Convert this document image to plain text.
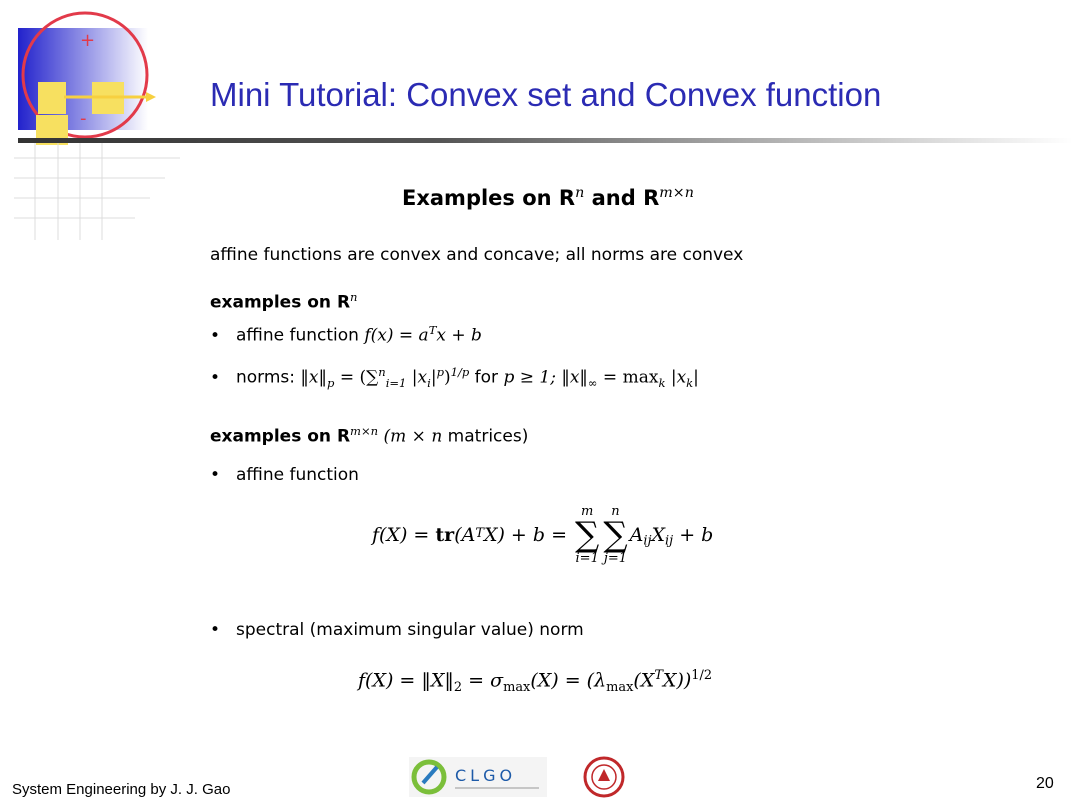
+
-
Mini Tutorial: Convex set and Convex function
Examples on $R^n$ and $R^{m\times n}$
affine functions are convex and concave; all norms are convex
examples on $R^n$
• affine function $f(x) = a^Tx + b$
• norms: $‖x‖_p = (\sum^n_{i=1}$ $|x_i|^p)^{1/p}$ for p ≥ 1; $‖x‖_\infty = \max_k |x_k|$
examples on $R^{m\times n}$ (m × n matrices)
• affine function
$f(X) = tr(A^TX) + b$ =
m
∑
i=1
n
∑
j=1
$A_{ij}X_{ij} + b$
• spectral (maximum singular value) norm
$f(X) = ‖X‖_2 = \sigma_{max}(X) = (\lambda_{max}(X^TX))^{1/2}$
System Engineering by J. J. Gao
CLGO	20
